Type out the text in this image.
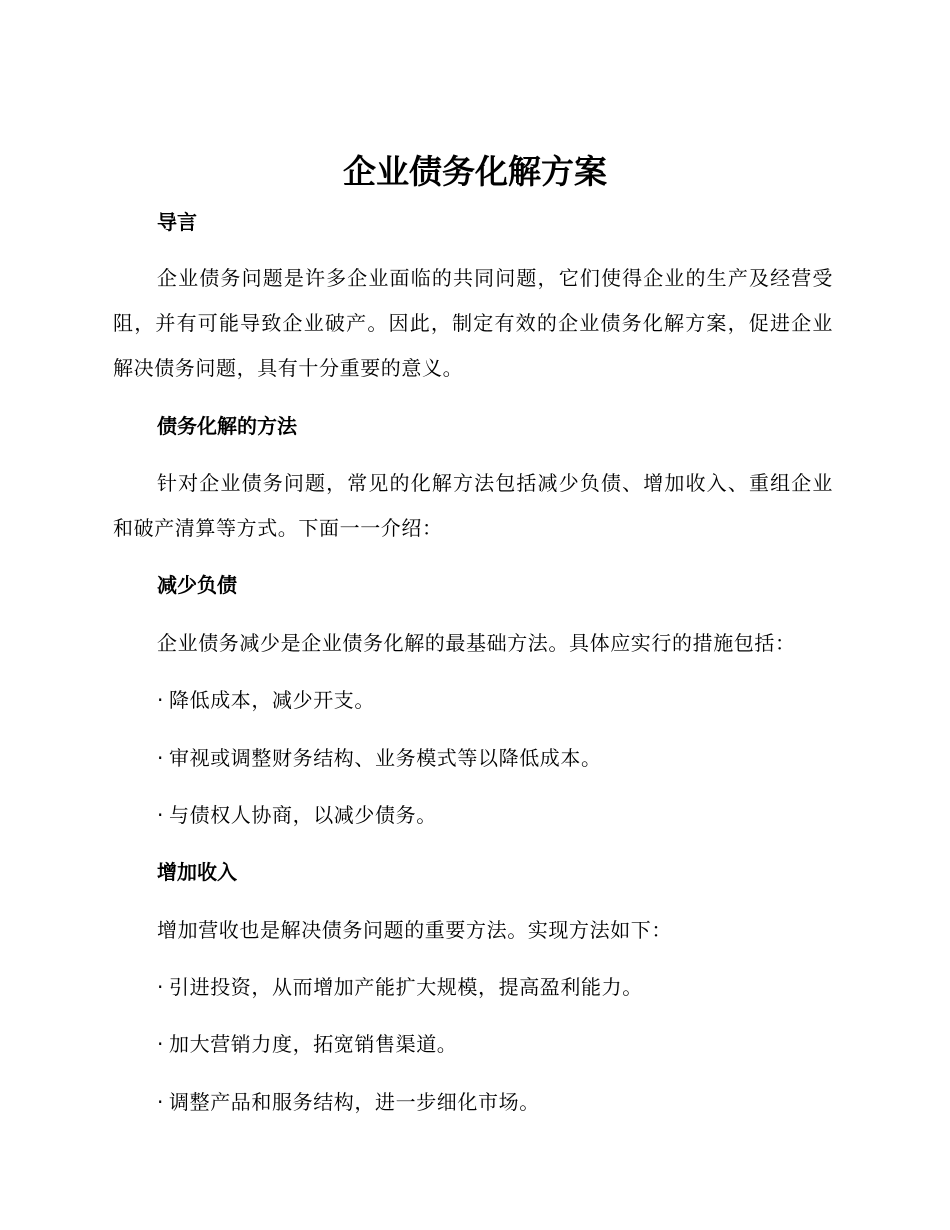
企业债务化解方案
导言

企业债务问题是许多企业面临的共同问题，它们使得企业的生产及经营受阻，并有可能导致企业破产。因此，制定有效的企业债务化解方案，促进企业解决债务问题，具有十分重要的意义。

债务化解的方法

针对企业债务问题，常见的化解方法包括减少负债、增加收入、重组企业和破产清算等方式。下面一一介绍：

减少负债

企业债务减少是企业债务化解的最基础方法。具体应实行的措施包括：

· 降低成本，减少开支。

· 审视或调整财务结构、业务模式等以降低成本。

· 与债权人协商，以减少债务。

增加收入

增加营收也是解决债务问题的重要方法。实现方法如下：

· 引进投资，从而增加产能扩大规模，提高盈利能力。

· 加大营销力度，拓宽销售渠道。

· 调整产品和服务结构，进一步细化市场。
